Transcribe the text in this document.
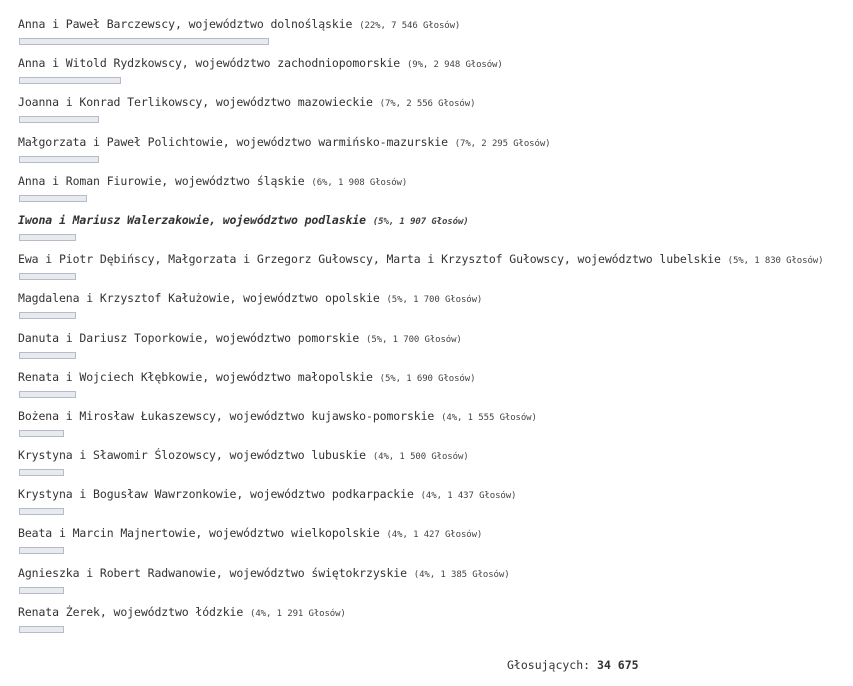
Anna i Paweł Barczewscy, województwo dolnośląskie (22%, 7 546 Głosów)
Anna i Witold Rydzkowscy, województwo zachodniopomorskie (9%, 2 948 Głosów)
Joanna i Konrad Terlikowscy, województwo mazowieckie (7%, 2 556 Głosów)
Małgorzata i Paweł Polichtowie, województwo warmińsko-mazurskie (7%, 2 295 Głosów)
Anna i Roman Fiurowie, województwo śląskie (6%, 1 908 Głosów)
Iwona i Mariusz Walerzakowie, województwo podlaskie (5%, 1 907 Głosów)
Ewa i Piotr Dębińscy, Małgorzata i Grzegorz Gułowscy, Marta i Krzysztof Gułowscy, województwo lubelskie (5%, 1 830 Głosów)
Magdalena i Krzysztof Kałużowie, województwo opolskie (5%, 1 700 Głosów)
Danuta i Dariusz Toporkowie, województwo pomorskie (5%, 1 700 Głosów)
Renata i Wojciech Kłębkowie, województwo małopolskie (5%, 1 690 Głosów)
Bożena i Mirosław Łukaszewscy, województwo kujawsko-pomorskie (4%, 1 555 Głosów)
Krystyna i Sławomir Ślozowscy, województwo lubuskie (4%, 1 500 Głosów)
Krystyna i Bogusław Wawrzonkowie, województwo podkarpackie (4%, 1 437 Głosów)
Beata i Marcin Majnertowie, województwo wielkopolskie (4%, 1 427 Głosów)
Agnieszka i Robert Radwanowie, województwo świętokrzyskie (4%, 1 385 Głosów)
Renata Żerek, województwo łódzkie (4%, 1 291 Głosów)
Głosujących: 34 675
